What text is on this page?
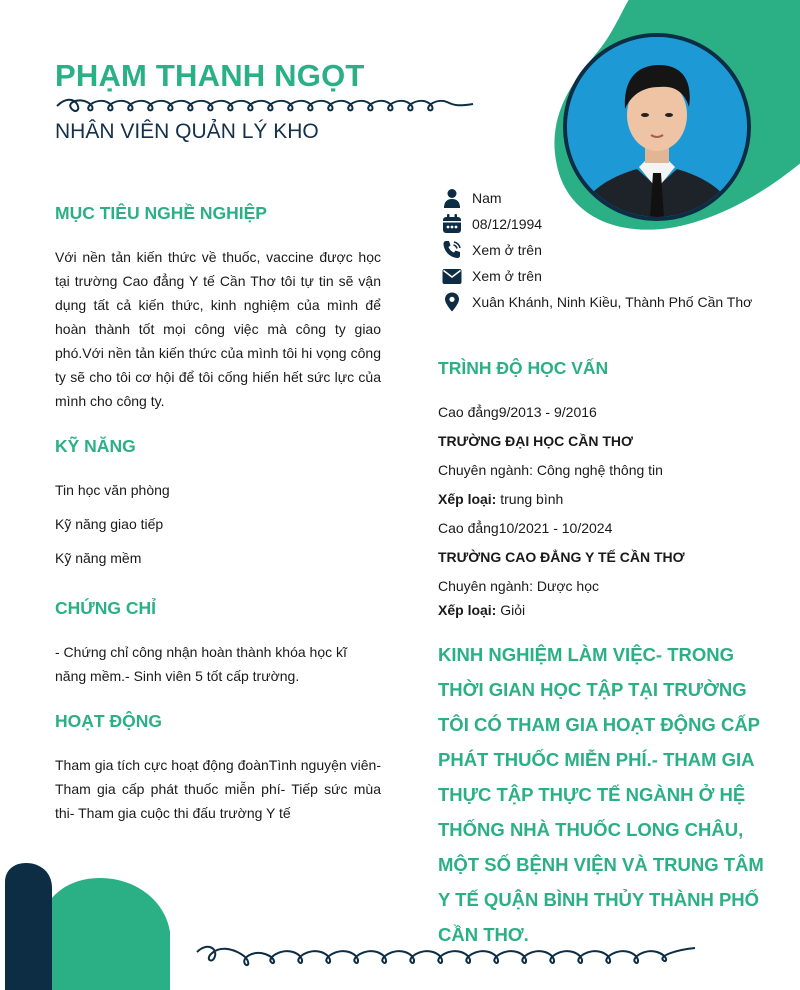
PHẠM THANH NGỌT
NHÂN VIÊN QUẢN LÝ KHO
MỤC TIÊU NGHỀ NGHIỆP
Với nền tản kiến thức về thuốc, vaccine được học tại trường Cao đẳng Y tế Cần Thơ tôi tự tin sẽ vận dụng tất cả kiến thức, kinh nghiệm của mình để hoàn thành tốt mọi công việc mà công ty giao phó.Với nền tản kiến thức của mình tôi hi vọng công ty sẽ cho tôi cơ hội để tôi cống hiến hết sức lực của mình cho công ty.
KỸ NĂNG
Tin học văn phòng
Kỹ năng giao tiếp
Kỹ năng mềm
CHỨNG CHỈ
- Chứng chỉ công nhận hoàn thành khóa học kĩ năng mềm.- Sinh viên 5 tốt cấp trường.
HOẠT ĐỘNG
Tham gia tích cực hoạt động đoànTình nguyện viên- Tham gia cấp phát thuốc miễn phí- Tiếp sức mùa thi- Tham gia cuộc thi đấu trường Y tế
Nam
08/12/1994
Xem ở trên
Xem ở trên
Xuân Khánh, Ninh Kiều, Thành Phố Cần Thơ
TRÌNH ĐỘ HỌC VẤN
Cao đẳng9/2013 - 9/2016
TRƯỜNG ĐẠI HỌC CẦN THƠ
Chuyên ngành: Công nghệ thông tin
Xếp loại: trung bình
Cao đẳng10/2021 - 10/2024
TRƯỜNG CAO ĐẲNG Y TẾ CẦN THƠ
Chuyên ngành: Dược học
Xếp loại: Giỏi
KINH NGHIỆM LÀM VIỆC- TRONG THỜI GIAN HỌC TẬP TẠI TRƯỜNG TÔI CÓ THAM GIA HOẠT ĐỘNG CẤP PHÁT THUỐC MIỄN PHÍ.- THAM GIA THỰC TẬP THỰC TẾ NGÀNH Ở HỆ THỐNG NHÀ THUỐC LONG CHÂU, MỘT SỐ BỆNH VIỆN VÀ TRUNG TÂM Y TẾ QUẬN BÌNH THỦY THÀNH PHỐ CẦN THƠ.
